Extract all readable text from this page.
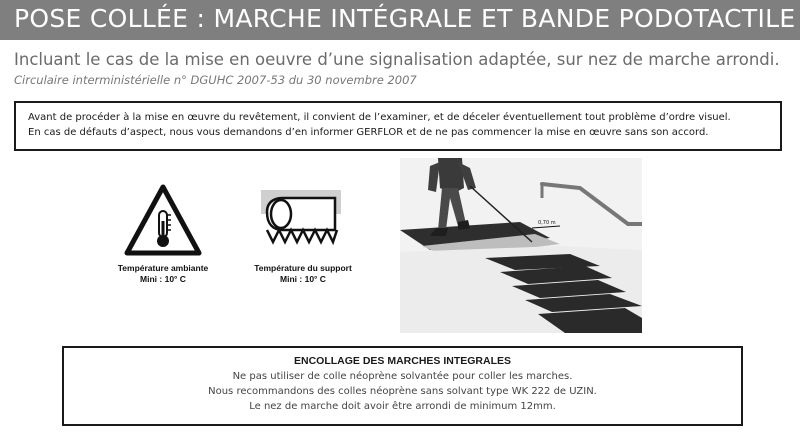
POSE COLLÉE : MARCHE INTÉGRALE ET BANDE PODOTACTILE
Incluant le cas de la mise en oeuvre d’une signalisation adaptée, sur nez de marche arrondi.
Circulaire interministérielle n° DGUHC 2007-53 du 30 novembre 2007
Avant de procéder à la mise en œuvre du revêtement, il convient de l’examiner, et de déceler éventuellement tout problème d’ordre visuel.
En cas de défauts d’aspect, nous vous demandons d’en informer GERFLOR et de ne pas commencer la mise en œuvre sans son accord.
Température ambiante
Mini : 10° C
Température du support
Mini : 10° C
0,70 m
ENCOLLAGE DES MARCHES INTEGRALES
Ne pas utiliser de colle néoprène solvantée pour coller les marches.
Nous recommandons des colles néoprène sans solvant type WK 222 de UZIN.
Le nez de marche doit avoir être arrondi de minimum 12mm.
